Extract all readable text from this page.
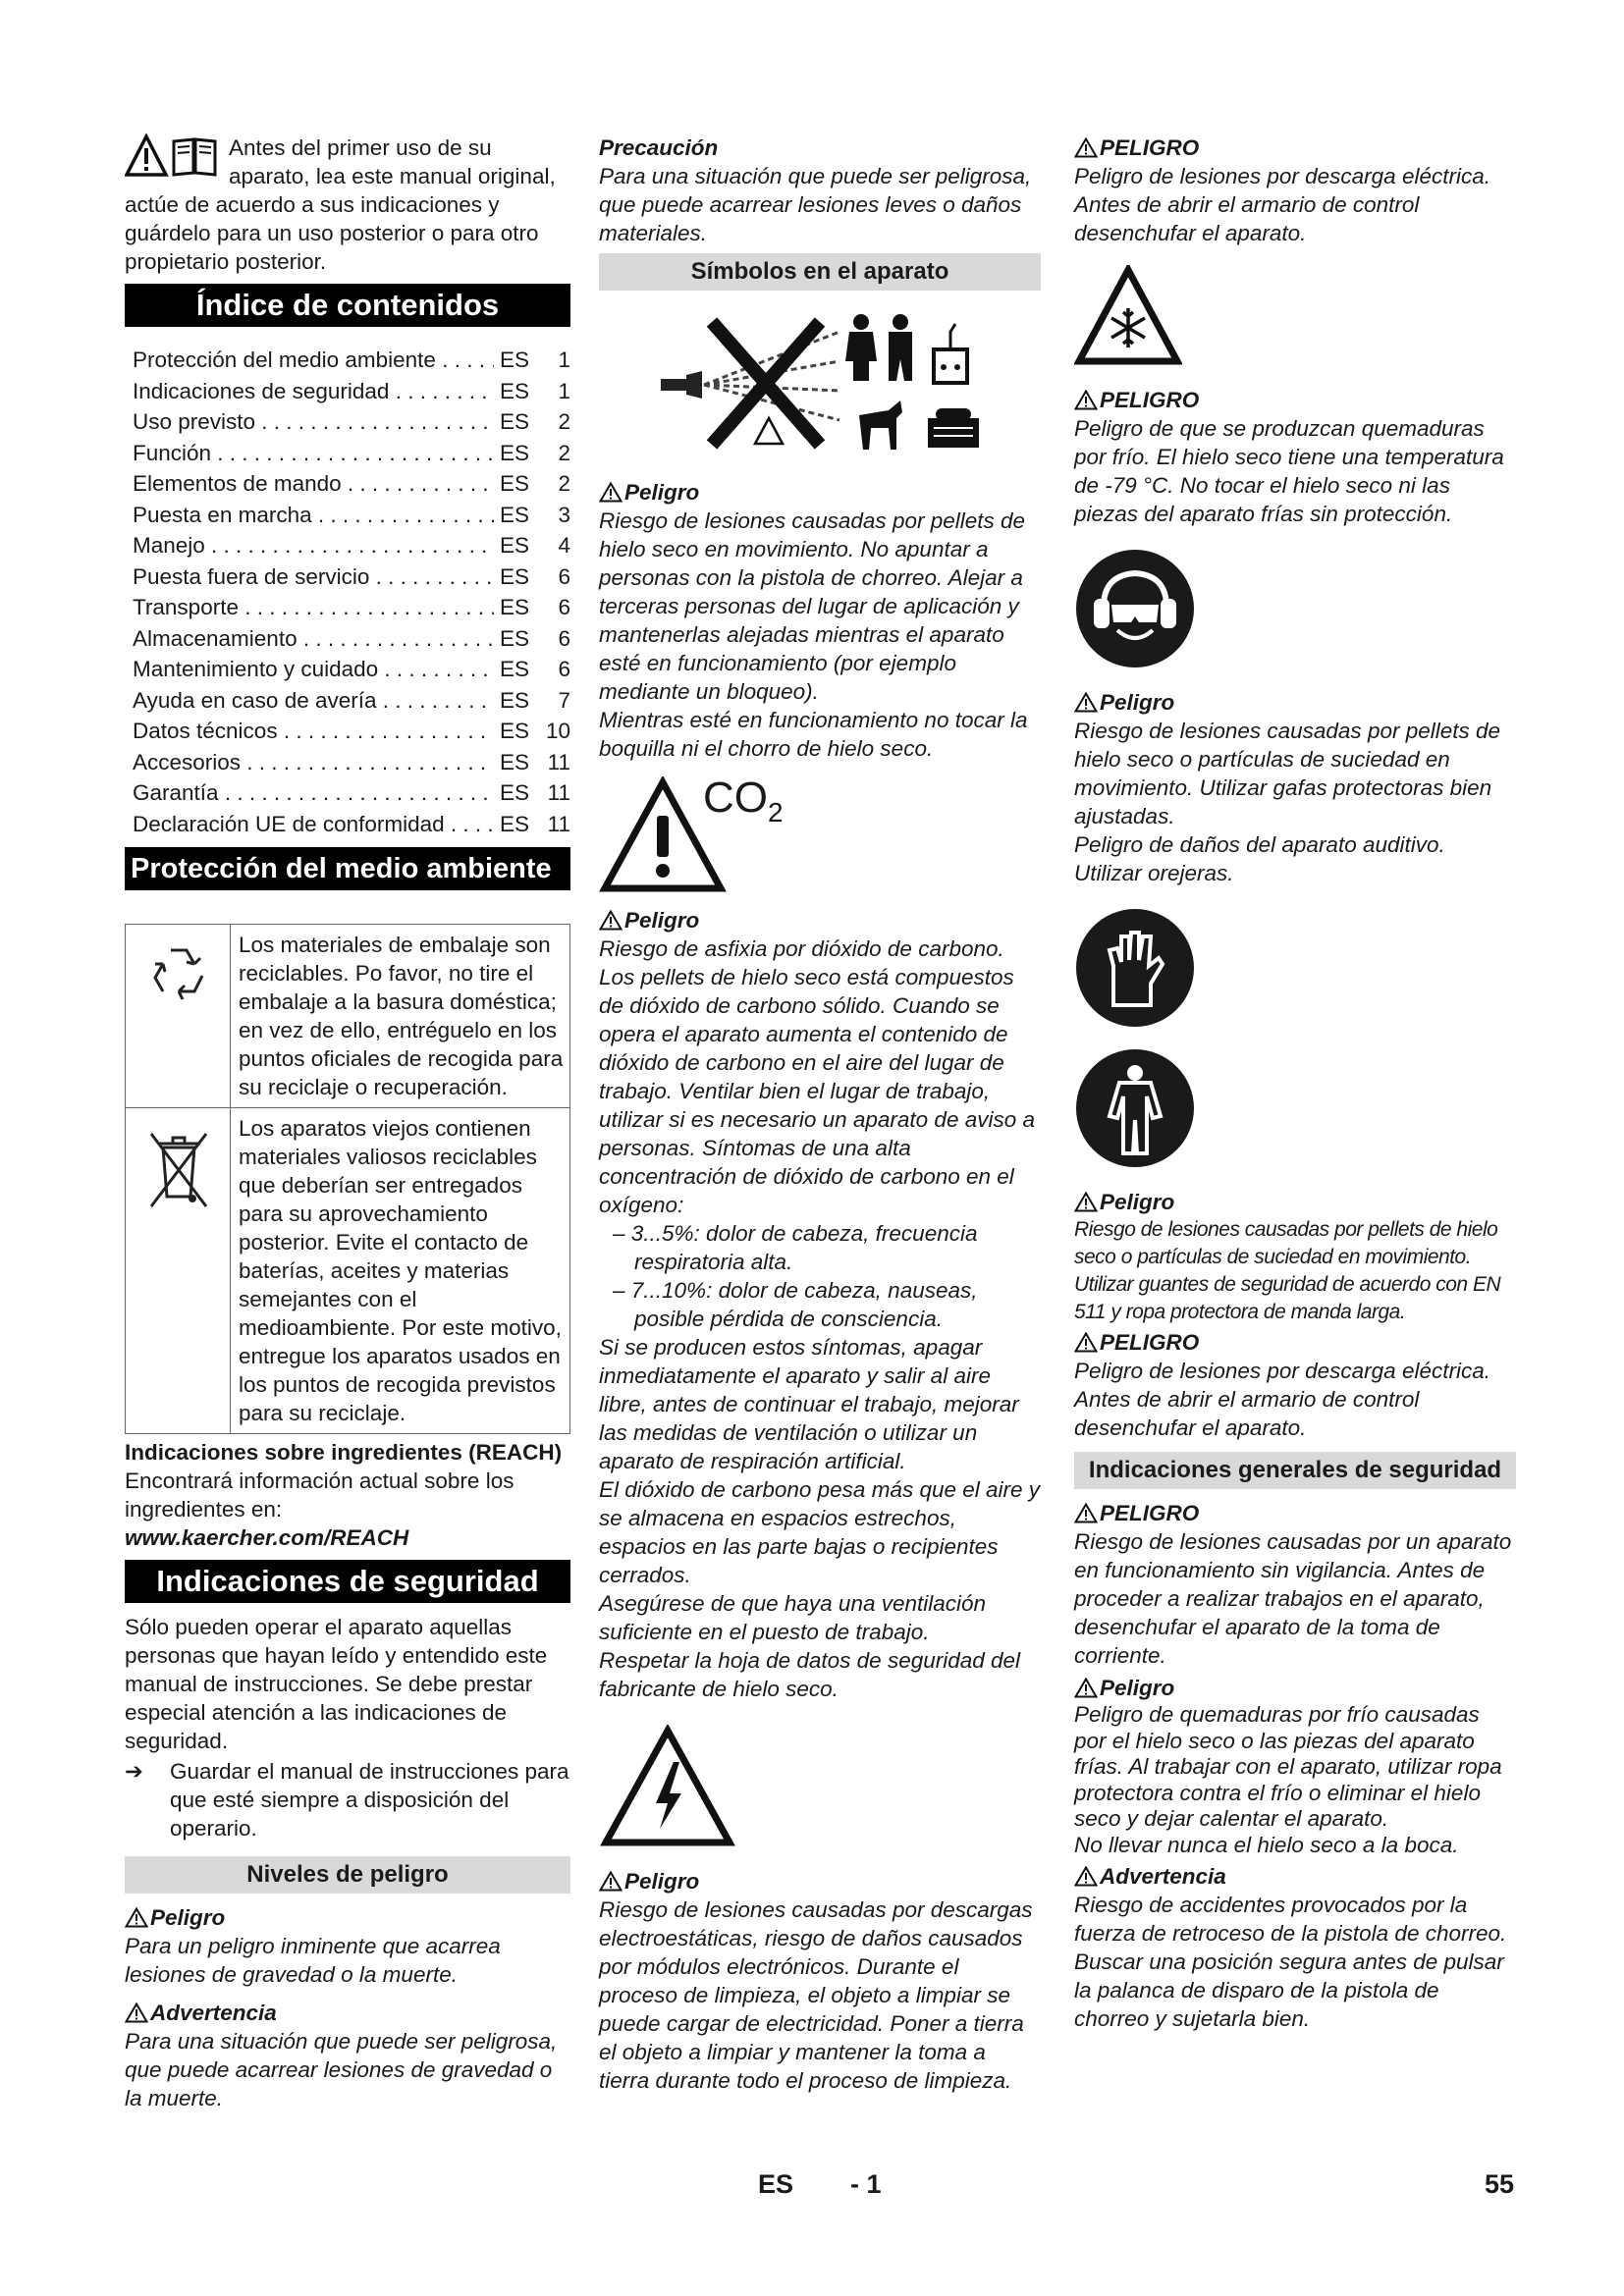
Antes del primer uso de su aparato, lea este manual original, actúe de acuerdo a sus indicaciones y guárdelo para un uso posterior o para otro propietario posterior.

Índice de contenidos
Protección del medio ambiente . . .	ES	1
Indicaciones de seguridad . . .	ES	1
Uso previsto . . .	ES	2
Función . . .	ES	2
Elementos de mando . . .	ES	2
Puesta en marcha . . .	ES	3
Manejo . . .	ES	4
Puesta fuera de servicio . . .	ES	6
Transporte . . .	ES	6
Almacenamiento . . .	ES	6
Mantenimiento y cuidado . . .	ES	6
Ayuda en caso de avería . . .	ES	7
Datos técnicos . . .	ES 10
Accesorios . . .	ES 11
Garantía . . .	ES 11
Declaración UE de conformidad . . .	ES 11
Protección del medio ambiente
	Los materiales de embalaje son reciclables. Po favor, no tire el embalaje a la basura doméstica; en vez de ello, entréguelo en los puntos oficiales de recogida para su reciclaje o recuperación.
	Los aparatos viejos contienen materiales valiosos reciclables que deberían ser entregados para su aprovechamiento posterior. Evite el contacto de baterías, aceites y materias semejantes con el medioambiente. Por este motivo, entregue los aparatos usados en los puntos de recogida previstos para su reciclaje.

Indicaciones sobre ingredientes (REACH)

Encontrará información actual sobre los ingredientes en:

www.kaercher.com/REACH

Indicaciones de seguridad

Sólo pueden operar el aparato aquellas personas que hayan leído y entendido este manual de instrucciones. Se debe prestar especial atención a las indicaciones de seguridad.

➔	Guardar el manual de instrucciones para que esté siempre a disposición del operario.

Niveles de peligro
Peligro

Para un peligro inminente que acarrea lesiones de gravedad o la muerte.

Advertencia

Para una situación que puede ser peligrosa, que puede acarrear lesiones de gravedad o la muerte.

Precaución

Para una situación que puede ser peligrosa, que puede acarrear lesiones leves o daños materiales.

Símbolos en el aparato
Peligro

Riesgo de lesiones causadas por pellets de hielo seco en movimiento. No apuntar a personas con la pistola de chorreo. Alejar a terceras personas del lugar de aplicación y mantenerlas alejadas mientras el aparato esté en funcionamiento (por ejemplo mediante un bloqueo).

Mientras esté en funcionamiento no tocar la boquilla ni el chorro de hielo seco.

$CO_2$
Peligro

Riesgo de asfixia por dióxido de carbono. Los pellets de hielo seco está compuestos de dióxido de carbono sólido. Cuando se opera el aparato aumenta el contenido de dióxido de carbono en el aire del lugar de trabajo. Ventilar bien el lugar de trabajo, utilizar si es necesario un aparato de aviso a personas. Síntomas de una alta concentración de dióxido de carbono en el oxígeno:

– 3...5%: dolor de cabeza, frecuencia respiratoria alta.

– 7...10%: dolor de cabeza, nauseas, posible pérdida de consciencia.

Si se producen estos síntomas, apagar inmediatamente el aparato y salir al aire libre, antes de continuar el trabajo, mejorar las medidas de ventilación o utilizar un aparato de respiración artificial.

El dióxido de carbono pesa más que el aire y se almacena en espacios estrechos, espacios en las parte bajas o recipientes cerrados.

Asegúrese de que haya una ventilación suficiente en el puesto de trabajo.

Respetar la hoja de datos de seguridad del fabricante de hielo seco.

Peligro

Riesgo de lesiones causadas por descargas electroestáticas, riesgo de daños causados por módulos electrónicos. Durante el proceso de limpieza, el objeto a limpiar se puede cargar de electricidad. Poner a tierra el objeto a limpiar y mantener la toma a tierra durante todo el proceso de limpieza.

PELIGRO

Peligro de lesiones por descarga eléctrica. Antes de abrir el armario de control desenchufar el aparato.

PELIGRO

Peligro de que se produzcan quemaduras por frío. El hielo seco tiene una temperatura de -79 °C. No tocar el hielo seco ni las piezas del aparato frías sin protección.

Peligro

Riesgo de lesiones causadas por pellets de hielo seco o partículas de suciedad en movimiento. Utilizar gafas protectoras bien ajustadas.

Peligro de daños del aparato auditivo. Utilizar orejeras.

Peligro

Riesgo de lesiones causadas por pellets de hielo seco o partículas de suciedad en movimiento.

Utilizar guantes de seguridad de acuerdo con EN 511 y ropa protectora de manda larga.

PELIGRO

Peligro de lesiones por descarga eléctrica. Antes de abrir el armario de control desenchufar el aparato.

Indicaciones generales de seguridad
PELIGRO

Riesgo de lesiones causadas por un aparato en funcionamiento sin vigilancia. Antes de proceder a realizar trabajos en el aparato, desenchufar el aparato de la toma de corriente.

Peligro

Peligro de quemaduras por frío causadas por el hielo seco o las piezas del aparato frías. Al trabajar con el aparato, utilizar ropa protectora contra el frío o eliminar el hielo seco y dejar calentar el aparato.

No llevar nunca el hielo seco a la boca.

Advertencia

Riesgo de accidentes provocados por la fuerza de retroceso de la pistola de chorreo. Buscar una posición segura antes de pulsar la palanca de disparo de la pistola de chorreo y sujetarla bien.

ES - 1	55
